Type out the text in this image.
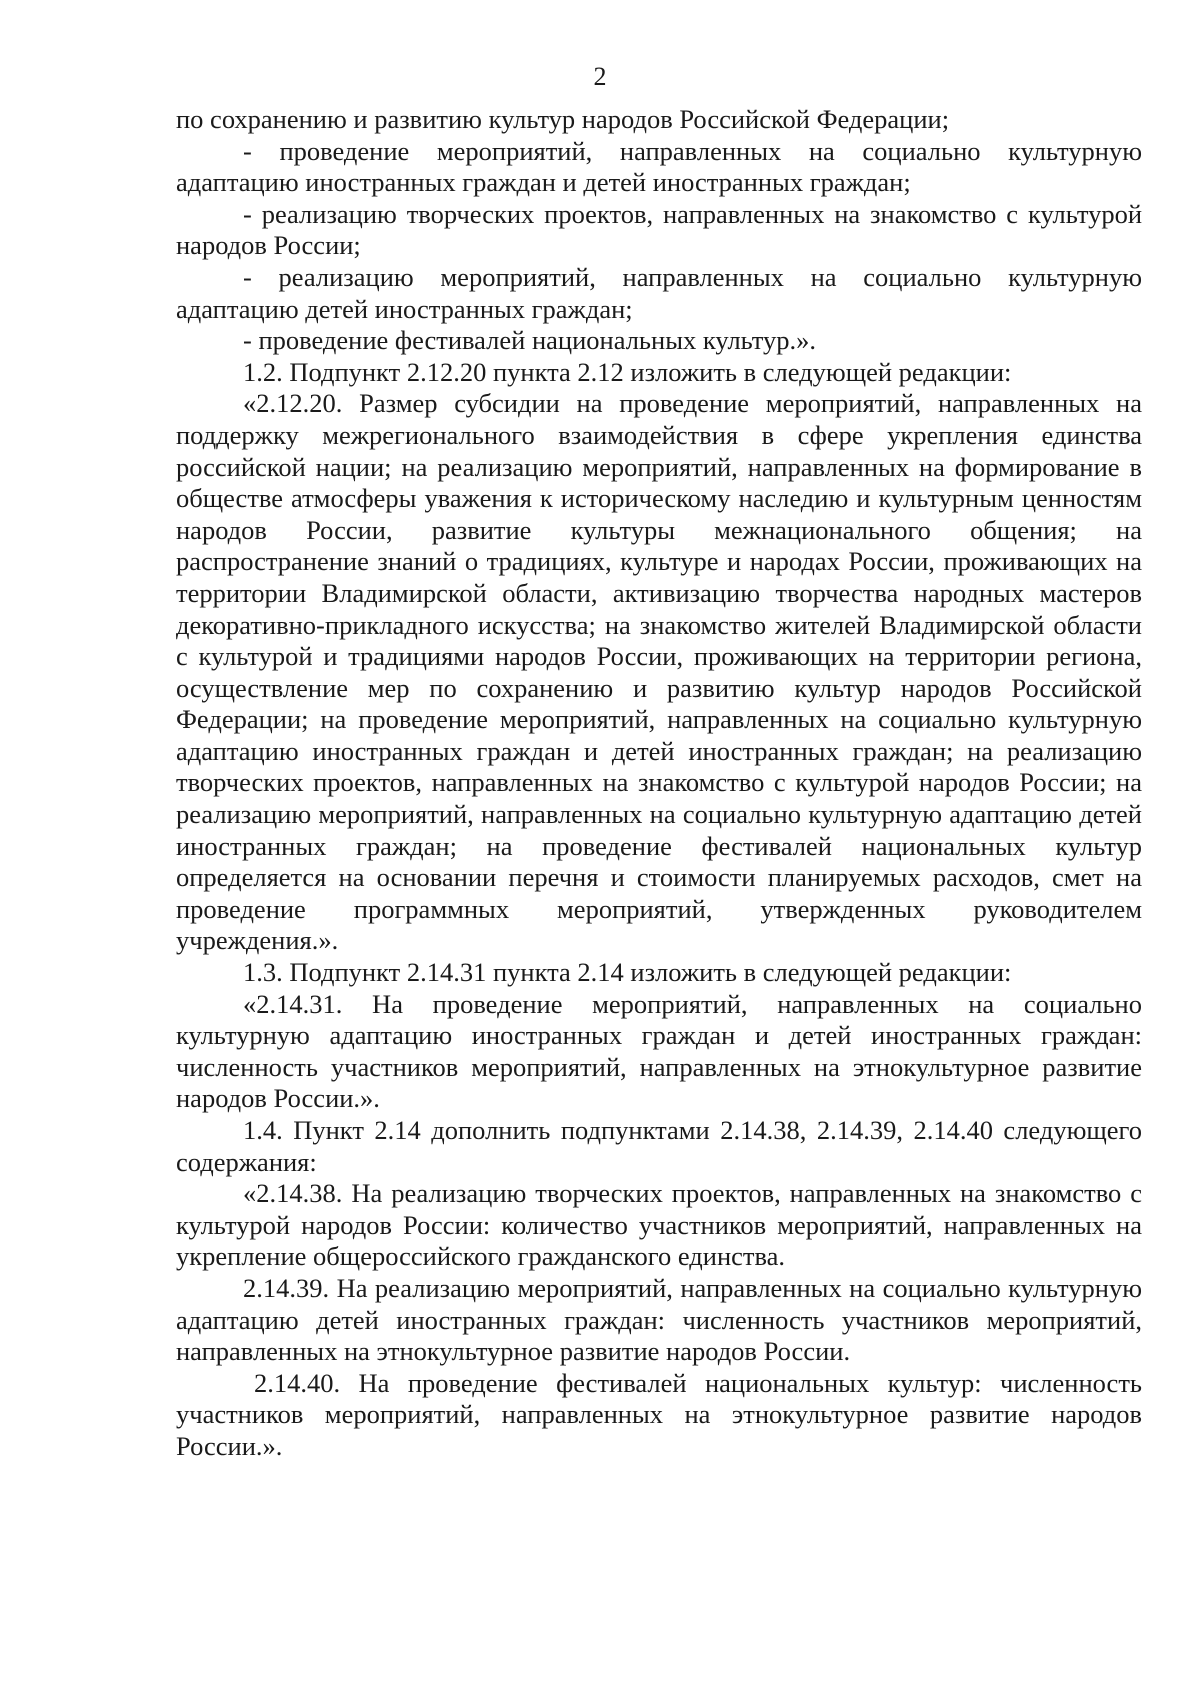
2

по сохранению и развитию культур народов Российской Федерации;

- проведение мероприятий, направленных на социально культурную адаптацию иностранных граждан и детей иностранных граждан;

- реализацию творческих проектов, направленных на знакомство с культурой народов России;

- реализацию мероприятий, направленных на социально культурную адаптацию детей иностранных граждан;

- проведение фестивалей национальных культур.».

1.2. Подпункт 2.12.20 пункта 2.12 изложить в следующей редакции:

«2.12.20. Размер субсидии на проведение мероприятий, направленных на поддержку межрегионального взаимодействия в сфере укрепления единства российской нации; на реализацию мероприятий, направленных на формирование в обществе атмосферы уважения к историческому наследию и культурным ценностям народов России, развитие культуры межнационального общения; на распространение знаний о традициях, культуре и народах России, проживающих на территории Владимирской области, активизацию творчества народных мастеров декоративно-прикладного искусства; на знакомство жителей Владимирской области с культурой и традициями народов России, проживающих на территории региона, осуществление мер по сохранению и развитию культур народов Российской Федерации; на проведение мероприятий, направленных на социально культурную адаптацию иностранных граждан и детей иностранных граждан; на реализацию творческих проектов, направленных на знакомство с культурой народов России; на реализацию мероприятий, направленных на социально культурную адаптацию детей иностранных граждан; на проведение фестивалей национальных культур определяется на основании перечня и стоимости планируемых расходов, смет на проведение программных мероприятий, утвержденных руководителем учреждения.».

1.3. Подпункт 2.14.31 пункта 2.14 изложить в следующей редакции:

«2.14.31. На проведение мероприятий, направленных на социально культурную адаптацию иностранных граждан и детей иностранных граждан: численность участников мероприятий, направленных на этнокультурное развитие народов России.».

1.4. Пункт 2.14 дополнить подпунктами 2.14.38, 2.14.39, 2.14.40 следующего содержания:

«2.14.38. На реализацию творческих проектов, направленных на знакомство с культурой народов России: количество участников мероприятий, направленных на укрепление общероссийского гражданского единства.

2.14.39. На реализацию мероприятий, направленных на социально культурную адаптацию детей иностранных граждан: численность участников мероприятий, направленных на этнокультурное развитие народов России.

2.14.40. На проведение фестивалей национальных культур: численность участников мероприятий, направленных на этнокультурное развитие народов России.».
